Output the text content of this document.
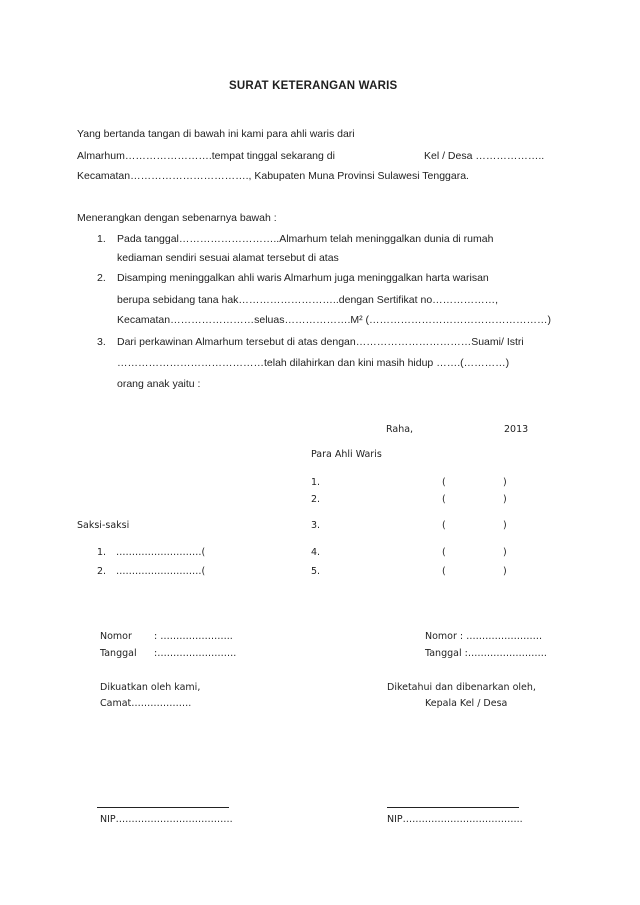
SURAT KETERANGAN WARIS
Yang bertanda tangan di bawah ini kami para ahli waris dari
Almarhum…………………….tempat tinggal sekarang di	Kel / Desa ………………..
Kecamatan……………………………., Kabupaten Muna Provinsi Sulawesi Tenggara.
Menerangkan dengan sebenarnya bawah :
1. Pada tanggal………………………..Almarhum telah meninggalkan dunia di rumah
kediaman sendiri sesuai alamat tersebut di atas
2. Disamping meninggalkan ahli waris Almarhum juga meninggalkan harta warisan
berupa sebidang tana hak………………………..dengan Sertifikat no………………,
Kecamatan……………………seluas……………….M² (……………………………………………)
3. Dari perkawinan Almarhum tersebut di atas dengan……………………………Suami/ Istri
……………………………………telah dilahirkan dan kini masih hidup …….(…………)
orang anak yaitu :
Raha,	2013
Para Ahli Waris
1.	(	)
2.	(	)
3.	(	)
4.	(	)
5.	(	)
Saksi-saksi
1. ………………………(
2. ………………………(
Nomor : …………………..
Tanggal :…………………….
Dikuatkan oleh kami,
Camat……………….
Nomor : ……………………
Tanggal :…………………….
Diketahui dan dibenarkan oleh,
Kepala Kel / Desa
NIP……………………………….	NIP………………………………..
